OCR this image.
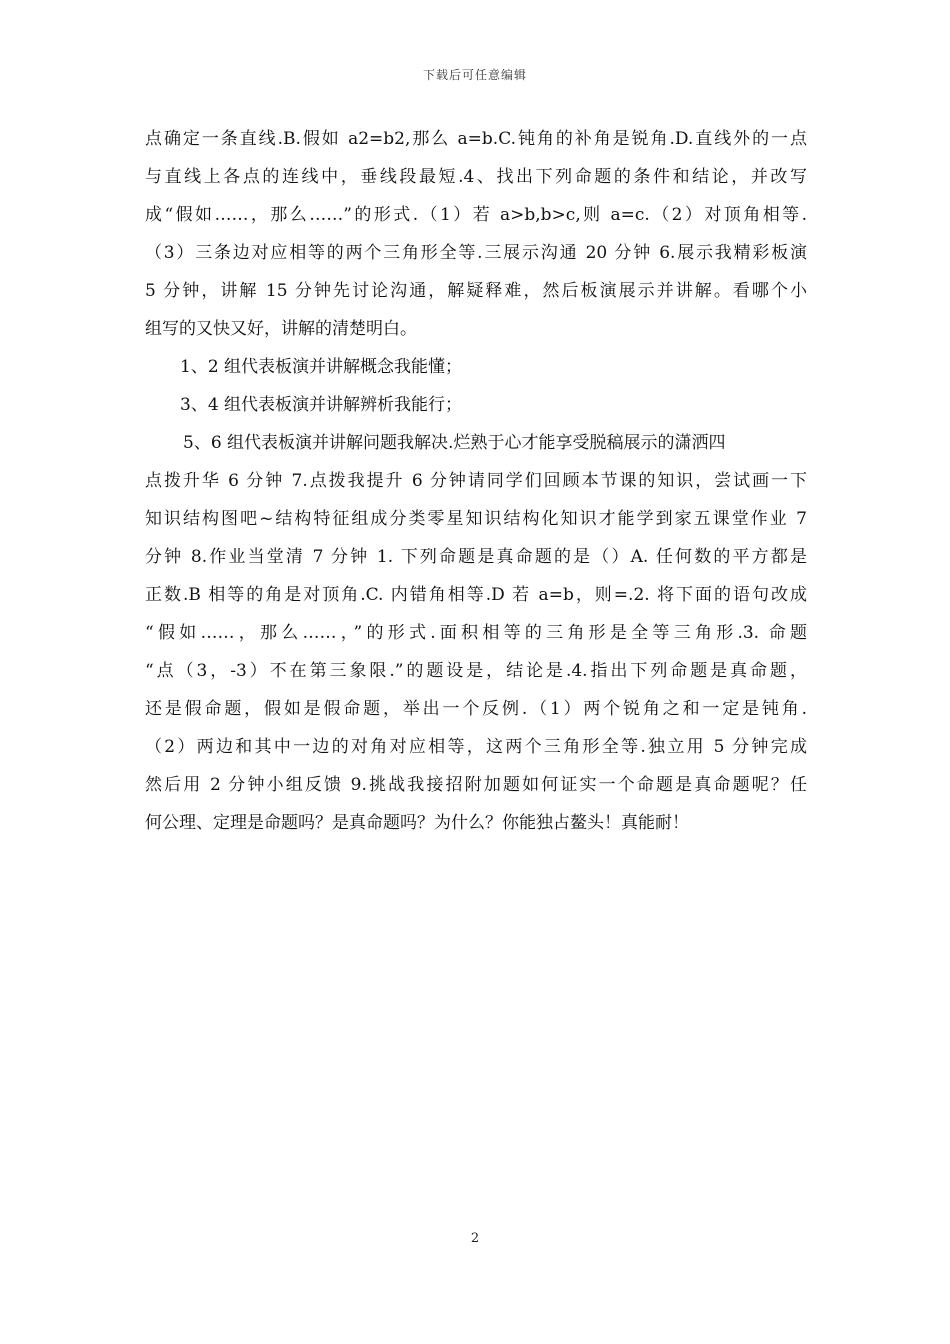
下载后可任意编辑
点确定一条直线.B.假如 a2=b2,那么 a=b.C.钝角的补角是锐角.D.直线外的一点
与直线上各点的连线中，垂线段最短.4、找出下列命题的条件和结论，并改写
成“假如……，那么……”的形式.（1）若 a>b,b>c,则 a=c.（2）对顶角相等.
（3）三条边对应相等的两个三角形全等.三展示沟通 20 分钟 6.展示我精彩板演
5 分钟，讲解 15 分钟先讨论沟通，解疑释难，然后板演展示并讲解。看哪个小
组写的又快又好，讲解的清楚明白。
1、2 组代表板演并讲解概念我能懂；
3、4 组代表板演并讲解辨析我能行；
5、6 组代表板演并讲解问题我解决.烂熟于心才能享受脱稿展示的潇洒四
点拨升华 6 分钟 7.点拨我提升 6 分钟请同学们回顾本节课的知识，尝试画一下
知识结构图吧~结构特征组成分类零星知识结构化知识才能学到家五课堂作业 7
分钟 8.作业当堂清 7 分钟 1. 下列命题是真命题的是（）A. 任何数的平方都是
正数.B 相等的角是对顶角.C. 内错角相等.D 若 a=b，则=.2. 将下面的语句改成
“假如……，那么……，”的形式.面积相等的三角形是全等三角形.3. 命题
“点（3，-3）不在第三象限.”的题设是，结论是.4.指出下列命题是真命题，
还是假命题，假如是假命题，举出一个反例.（1）两个锐角之和一定是钝角.
（2）两边和其中一边的对角对应相等，这两个三角形全等.独立用 5 分钟完成
然后用 2 分钟小组反馈 9.挑战我接招附加题如何证实一个命题是真命题呢？任
何公理、定理是命题吗？是真命题吗？为什么？你能独占鳌头！真能耐！
2
